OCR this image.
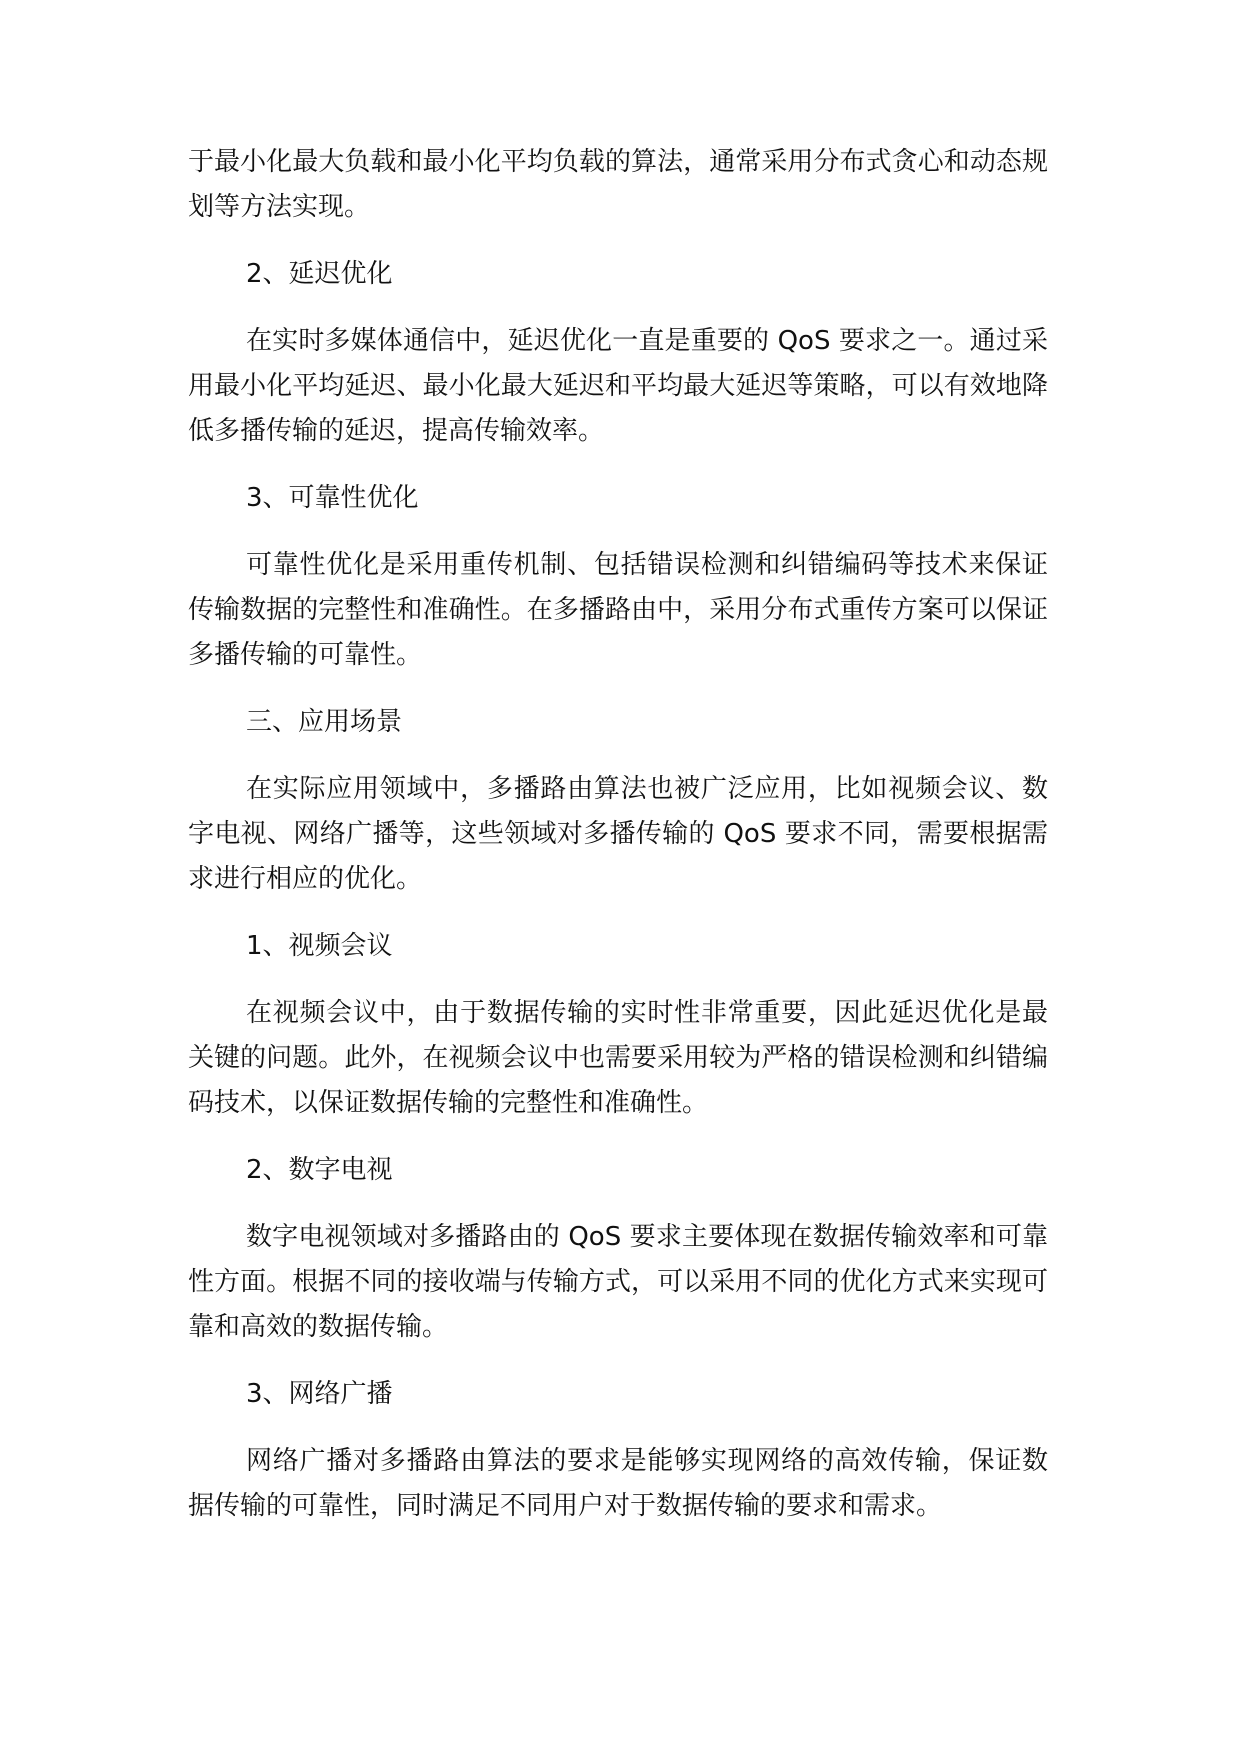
于最小化最大负载和最小化平均负载的算法，通常采用分布式贪心和动态规划等方法实现。

2、延迟优化

在实时多媒体通信中，延迟优化一直是重要的 QoS 要求之一。通过采用最小化平均延迟、最小化最大延迟和平均最大延迟等策略，可以有效地降低多播传输的延迟，提高传输效率。

3、可靠性优化

可靠性优化是采用重传机制、包括错误检测和纠错编码等技术来保证传输数据的完整性和准确性。在多播路由中，采用分布式重传方案可以保证多播传输的可靠性。

三、应用场景

在实际应用领域中，多播路由算法也被广泛应用，比如视频会议、数字电视、网络广播等，这些领域对多播传输的 QoS 要求不同，需要根据需求进行相应的优化。

1、视频会议

在视频会议中，由于数据传输的实时性非常重要，因此延迟优化是最关键的问题。此外，在视频会议中也需要采用较为严格的错误检测和纠错编码技术，以保证数据传输的完整性和准确性。

2、数字电视

数字电视领域对多播路由的 QoS 要求主要体现在数据传输效率和可靠性方面。根据不同的接收端与传输方式，可以采用不同的优化方式来实现可靠和高效的数据传输。

3、网络广播

网络广播对多播路由算法的要求是能够实现网络的高效传输，保证数据传输的可靠性，同时满足不同用户对于数据传输的要求和需求。
